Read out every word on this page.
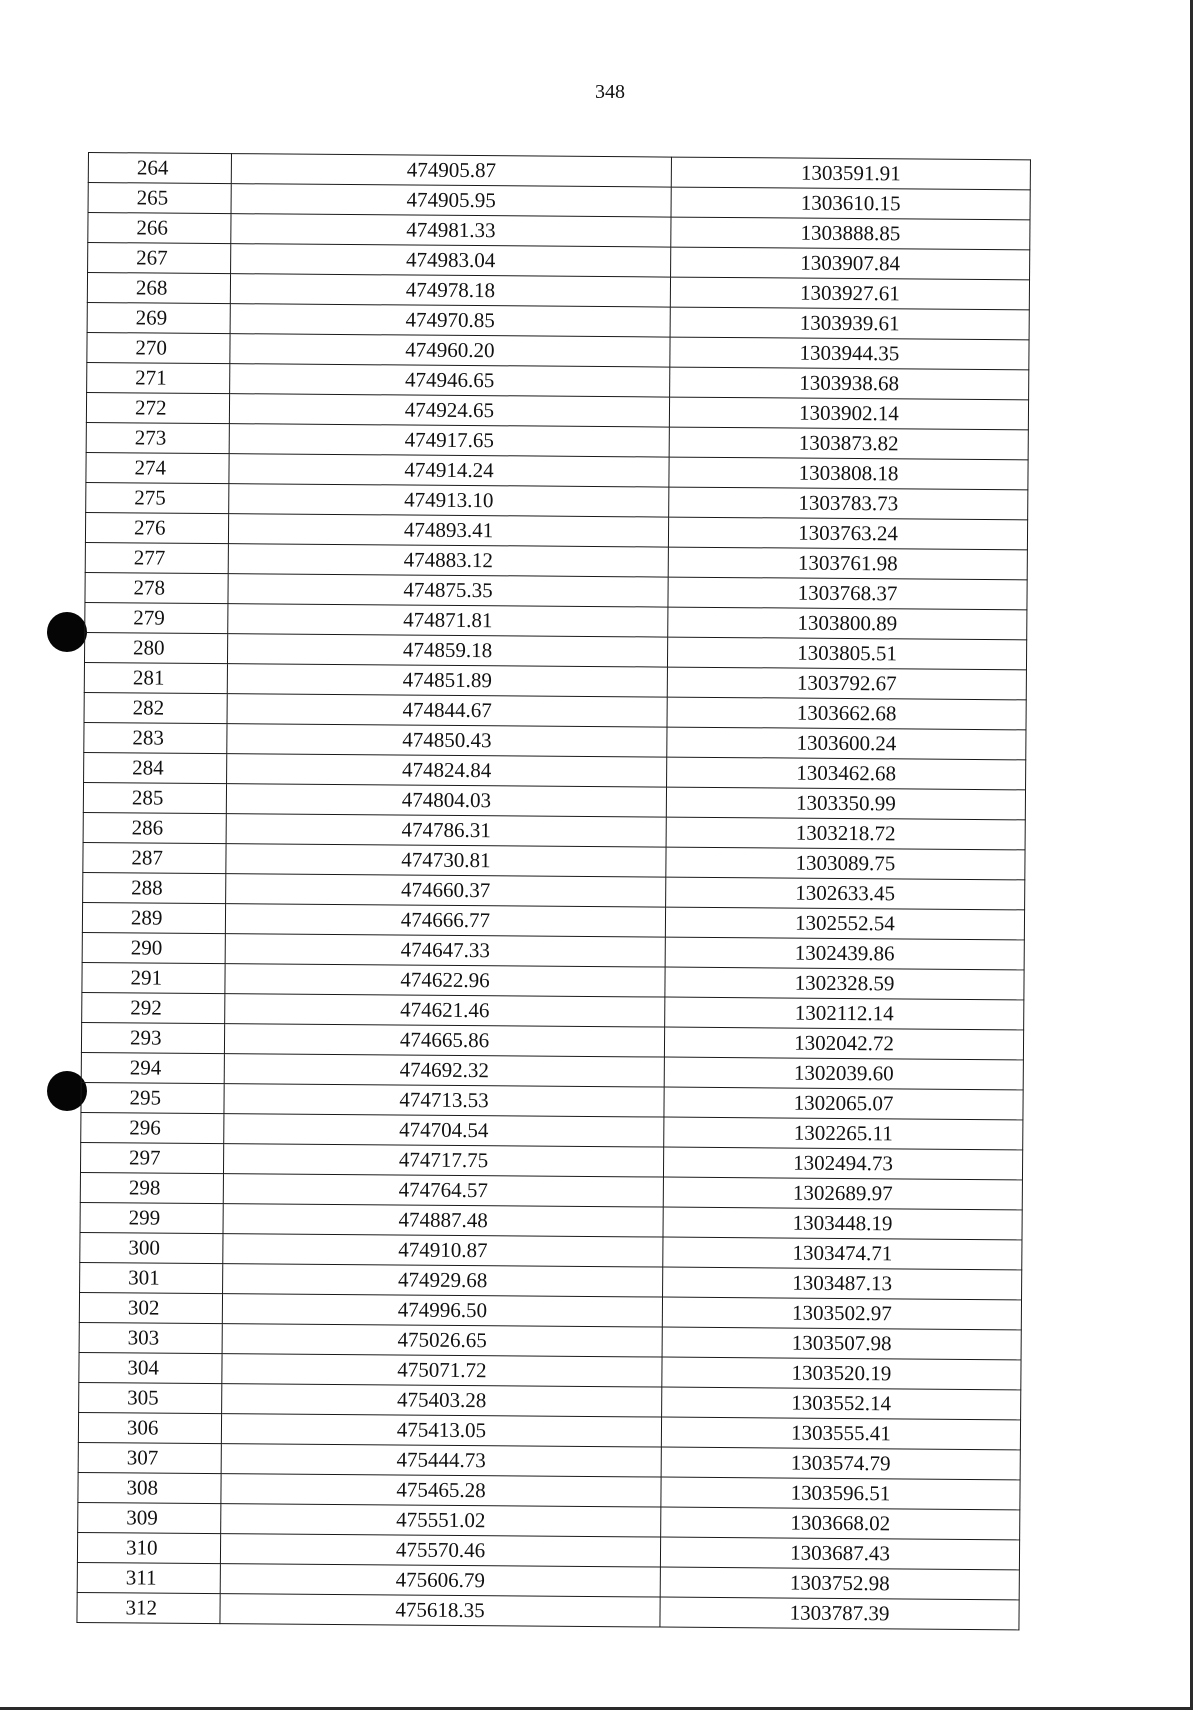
348
264	474905.87	1303591.91
265	474905.95	1303610.15
266	474981.33	1303888.85
267	474983.04	1303907.84
268	474978.18	1303927.61
269	474970.85	1303939.61
270	474960.20	1303944.35
271	474946.65	1303938.68
272	474924.65	1303902.14
273	474917.65	1303873.82
274	474914.24	1303808.18
275	474913.10	1303783.73
276	474893.41	1303763.24
277	474883.12	1303761.98
278	474875.35	1303768.37
279	474871.81	1303800.89
280	474859.18	1303805.51
281	474851.89	1303792.67
282	474844.67	1303662.68
283	474850.43	1303600.24
284	474824.84	1303462.68
285	474804.03	1303350.99
286	474786.31	1303218.72
287	474730.81	1303089.75
288	474660.37	1302633.45
289	474666.77	1302552.54
290	474647.33	1302439.86
291	474622.96	1302328.59
292	474621.46	1302112.14
293	474665.86	1302042.72
294	474692.32	1302039.60
295	474713.53	1302065.07
296	474704.54	1302265.11
297	474717.75	1302494.73
298	474764.57	1302689.97
299	474887.48	1303448.19
300	474910.87	1303474.71
301	474929.68	1303487.13
302	474996.50	1303502.97
303	475026.65	1303507.98
304	475071.72	1303520.19
305	475403.28	1303552.14
306	475413.05	1303555.41
307	475444.73	1303574.79
308	475465.28	1303596.51
309	475551.02	1303668.02
310	475570.46	1303687.43
311	475606.79	1303752.98
312	475618.35	1303787.39
